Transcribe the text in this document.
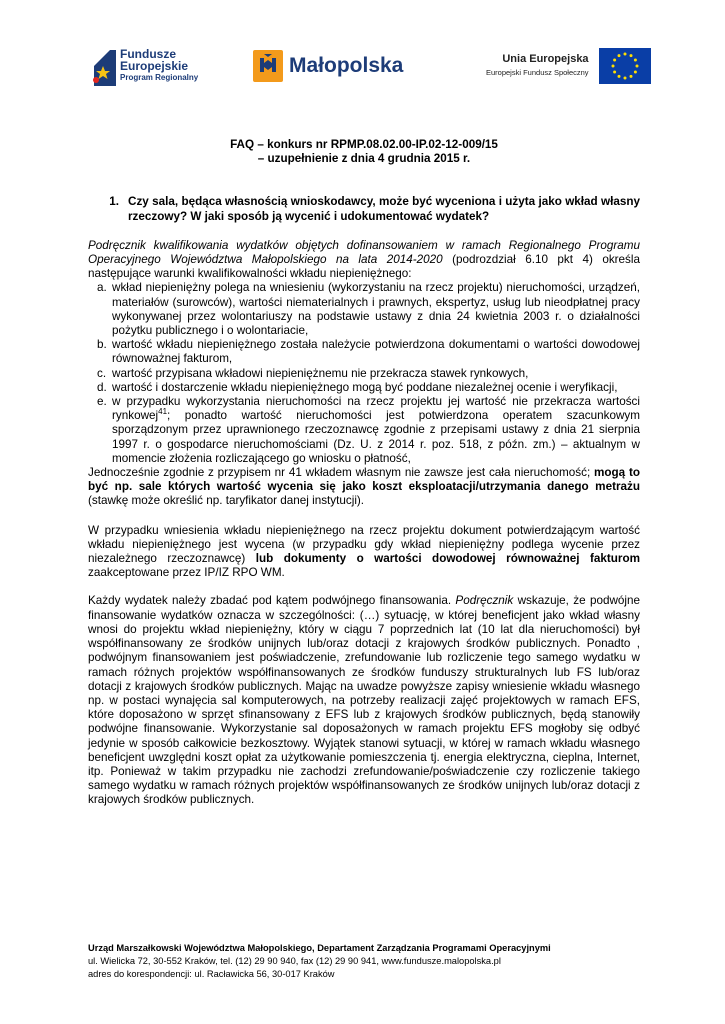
Fundusze
Europejskie
Program Regionalny
Małopolska	Unia Europejska
Europejski Fundusz Społeczny
FAQ – konkurs nr RPMP.08.02.00-IP.02-12-009/15
– uzupełnienie z dnia 4 grudnia 2015 r.
1. Czy sala, będąca własnością wnioskodawcy, może być wyceniona i użyta jako wkład własny rzeczowy? W jaki sposób ją wycenić i udokumentować wydatek?
Podręcznik kwalifikowania wydatków objętych dofinansowaniem w ramach Regionalnego Programu Operacyjnego Województwa Małopolskiego na lata 2014-2020 (podrozdział 6.10 pkt 4) określa następujące warunki kwalifikowalności wkładu niepieniężnego:
a. wkład niepieniężny polega na wniesieniu (wykorzystaniu na rzecz projektu) nieruchomości, urządzeń, materiałów (surowców), wartości niematerialnych i prawnych, ekspertyz, usług lub nieodpłatnej pracy wykonywanej przez wolontariuszy na podstawie ustawy z dnia 24 kwietnia 2003 r. o działalności pożytku publicznego i o wolontariacie,
b. wartość wkładu niepieniężnego została należycie potwierdzona dokumentami o wartości dowodowej równoważnej fakturom,
c. wartość przypisana wkładowi niepieniężnemu nie przekracza stawek rynkowych,
d. wartość i dostarczenie wkładu niepieniężnego mogą być poddane niezależnej ocenie i weryfikacji,
e. w przypadku wykorzystania nieruchomości na rzecz projektu jej wartość nie przekracza wartości rynkowej$^{41}$; ponadto wartość nieruchomości jest potwierdzona operatem szacunkowym sporządzonym przez uprawnionego rzeczoznawcę zgodnie z przepisami ustawy z dnia 21 sierpnia 1997 r. o gospodarce nieruchomościami (Dz. U. z 2014 r. poz. 518, z późn. zm.) – aktualnym w momencie złożenia rozliczającego go wniosku o płatność,
Jednocześnie zgodnie z przypisem nr 41 wkładem własnym nie zawsze jest cała nieruchomość; mogą to być np. sale których wartość wycenia się jako koszt eksploatacji/utrzymania danego metrażu (stawkę może określić np. taryfikator danej instytucji).
W przypadku wniesienia wkładu niepieniężnego na rzecz projektu dokument potwierdzającym wartość wkładu niepieniężnego jest wycena (w przypadku gdy wkład niepieniężny podlega wycenie przez niezależnego rzeczoznawcę) lub dokumenty o wartości dowodowej równoważnej fakturom zaakceptowane przez IP/IZ RPO WM.
Każdy wydatek należy zbadać pod kątem podwójnego finansowania. Podręcznik wskazuje, że podwójne finansowanie wydatków oznacza w szczególności: (…) sytuację, w której beneficjent jako wkład własny wnosi do projektu wkład niepieniężny, który w ciągu 7 poprzednich lat (10 lat dla nieruchomości) był współfinansowany ze środków unijnych lub/oraz dotacji z krajowych środków publicznych. Ponadto , podwójnym finansowaniem jest poświadczenie, zrefundowanie lub rozliczenie tego samego wydatku w ramach różnych projektów współfinansowanych ze środków funduszy strukturalnych lub FS lub/oraz dotacji z krajowych środków publicznych. Mając na uwadze powyższe zapisy wniesienie wkładu własnego np. w postaci wynajęcia sal komputerowych, na potrzeby realizacji zajęć projektowych w ramach EFS, które doposażono w sprzęt sfinansowany z EFS lub z krajowych środków publicznych, będą stanowiły podwójne finansowanie. Wykorzystanie sal doposażonych w ramach projektu EFS mogłoby się odbyć jedynie w sposób całkowicie bezkosztowy. Wyjątek stanowi sytuacji, w której w ramach wkładu własnego beneficjent uwzględni koszt opłat za użytkowanie pomieszczenia tj. energia elektryczna, cieplna, Internet, itp. Ponieważ w takim przypadku nie zachodzi zrefundowanie/poświadczenie czy rozliczenie takiego samego wydatku w ramach różnych projektów współfinansowanych ze środków unijnych lub/oraz dotacji z krajowych środków publicznych.
Urząd Marszałkowski Województwa Małopolskiego, Departament Zarządzania Programami Operacyjnymi
ul. Wielicka 72, 30-552 Kraków, tel. (12) 29 90 940, fax (12) 29 90 941, www.fundusze.malopolska.pl
adres do korespondencji: ul. Racławicka 56, 30-017 Kraków
